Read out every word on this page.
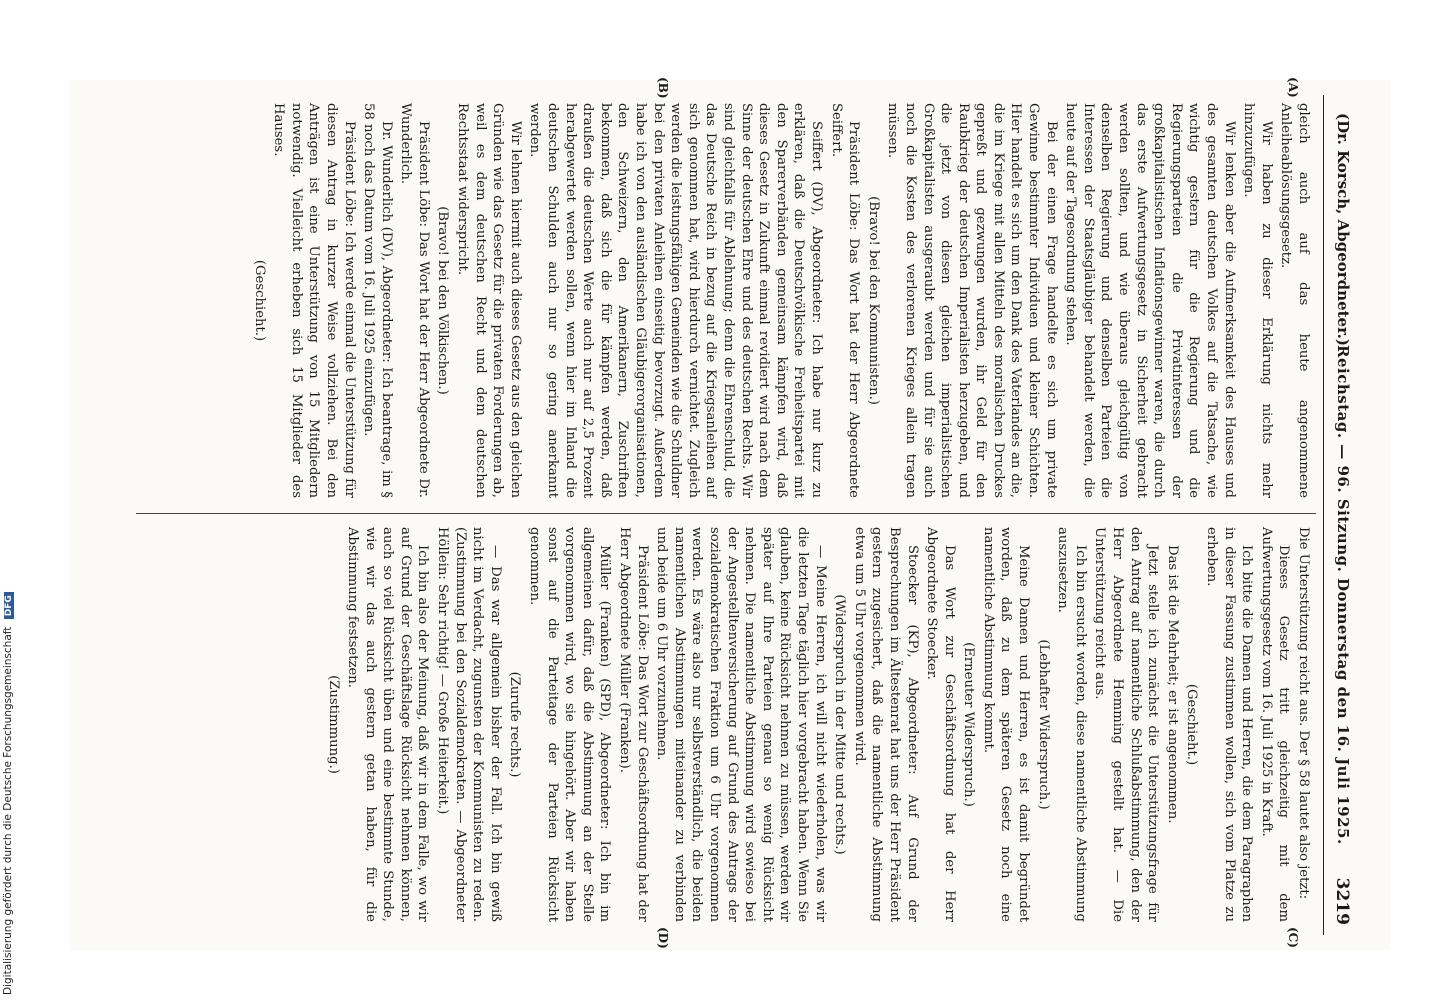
(Dr. Korsch, Abgeordneter.)
Reichstag. — 96. Sitzung. Donnerstag den 16. Juli 1925.
3219
(A)
(B)
(C)
(D)

gleich auch auf das heute angenommene Anleiheablösungsgesetz.

Wir haben zu dieser Erklärung nichts mehr hinzuzufügen.

Wir lenken aber die Aufmerksamkeit des Hauses und des gesamten deutschen Volkes auf die Tatsache, wie wichtig gestern für die Regierung und die Regierungsparteien die Privatinteressen der großkapitalistischen Inflationsgewinner waren, die durch das erste Aufwertungsgesetz in Sicherheit gebracht werden sollten, und wie überaus gleichgültig von denselben Regierung und denselben Parteien die Interessen der Staatsgläubiger behandelt werden, die heute auf der Tagesordnung stehen.

Bei der einen Frage handelte es sich um private Gewinne bestimmter Individuen und kleiner Schichten. Hier handelt es sich um den Dank des Vaterlandes an die, die im Kriege mit allen Mitteln des moralischen Druckes gepreßt und gezwungen wurden, ihr Geld für den Raubkrieg der deutschen Imperialisten herzugeben, und die jetzt von diesen gleichen imperialistischen Großkapitalisten ausgeraubt werden und für sie auch noch die Kosten des verlorenen Krieges allein tragen müssen.

(Bravo! bei den Kommunisten.)

Präsident Löbe: Das Wort hat der Herr Abgeordnete Seiffert.

Seiffert (DV), Abgeordneter: Ich habe nur kurz zu erklären, daß die Deutschvölkische Freiheitspartei mit den Sparerverbänden gemeinsam kämpfen wird, daß dieses Gesetz in Zukunft einmal revidiert wird nach dem Sinne der deutschen Ehre und des deutschen Rechts. Wir sind gleichfalls für Ablehnung; denn die Ehrenschuld, die das Deutsche Reich in bezug auf die Kriegsanleihen auf sich genommen hat, wird hierdurch vernichtet. Zugleich werden die leistungsfähigen Gemeinden wie die Schuldner bei den privaten Anleihen einseitig bevorzugt. Außerdem habe ich von den ausländischen Gläubigerorganisationen, den Schweizern, den Amerikanern, Zuschriften bekommen, daß sich die für kämpfen werden, daß draußen die deutschen Werte auch nur auf 2,5 Prozent herabgewertet werden sollen, wenn hier im Inland die deutschen Schulden auch nur so gering anerkannt werden.

Wir lehnen hiermit auch dieses Gesetz aus den gleichen Gründen wie das Gesetz für die privaten Forderungen ab, weil es dem deutschen Recht und dem deutschen Rechtsstaat widerspricht.

(Bravo! bei den Völkischen.)

Präsident Löbe: Das Wort hat der Herr Abgeordnete Dr. Wunderlich.

Dr. Wunderlich (DV), Abgeordneter: Ich beantrage, im § 58 noch das Datum vom 16. Juli 1925 einzufügen.

Präsident Löbe: Ich werde einmal die Unterstützung für diesen Antrag in kurzer Weise vollziehen. Bei den Anträgen ist eine Unterstützung von 15 Mitgliedern notwendig. Vielleicht erheben sich 15 Mitglieder des Hauses.

(Geschieht.)

Die Unterstützung reicht aus. Der § 58 lautet also jetzt:

Dieses Gesetz tritt gleichzeitig mit dem Aufwertungsgesetz vom 16. Juli 1925 in Kraft.

Ich bitte die Damen und Herren, die dem Paragraphen in dieser Fassung zustimmen wollen, sich vom Platze zu erheben.

(Geschieht.)

Das ist die Mehrheit; er ist angenommen.

Jetzt stelle ich zunächst die Unterstützungsfrage für den Antrag auf namentliche Schlußabstimmung, den der Herr Abgeordnete Hemming gestellt hat. — Die Unterstützung reicht aus.

Ich bin ersucht worden, diese namentliche Abstimmung auszusetzen.

(Lebhafter Widerspruch.)

Meine Damen und Herren, es ist damit begründet worden, daß zu dem späteren Gesetz noch eine namentliche Abstimmung kommt.

(Erneuter Widerspruch.)

Das Wort zur Geschäftsordnung hat der Herr Abgeordnete Stoecker.

Stoecker (KP), Abgeordneter: Auf Grund der Besprechungen im Ältestenrat hat uns der Herr Präsident gestern zugesichert, daß die namentliche Abstimmung etwa um 5 Uhr vorgenommen wird.

(Widerspruch in der Mitte und rechts.)

— Meine Herren, ich will nicht wiederholen, was wir die letzten Tage täglich hier vorgebracht haben. Wenn Sie glauben, keine Rücksicht nehmen zu müssen, werden wir später auf Ihre Parteien genau so wenig Rücksicht nehmen. Die namentliche Abstimmung wird sowieso bei der Angestelltenversicherung auf Grund des Antrags der sozialdemokratischen Fraktion um 6 Uhr vorgenommen werden. Es wäre also nur selbstverständlich, die beiden namentlichen Abstimmungen miteinander zu verbinden und beide um 6 Uhr vorzunehmen.

Präsident Löbe: Das Wort zur Geschäftsordnung hat der Herr Abgeordnete Müller (Franken).

Müller (Franken) (SPD), Abgeordneter: Ich bin im allgemeinen dafür, daß die Abstimmung an der Stelle vorgenommen wird, wo sie hingehört. Aber wir haben sonst auf die Parteitage der Parteien Rücksicht genommen.

(Zurufe rechts.)

— Das war allgemein bisher der Fall. Ich bin gewiß nicht im Verdacht, zugunsten der Kommunisten zu reden. (Zustimmung bei den Sozialdemokraten. — Abgeordneter Höllein: Sehr richtig! — Große Heiterkeit.)

Ich bin also der Meinung, daß wir in dem Falle, wo wir auf Grund der Geschäftslage Rücksicht nehmen können, auch so viel Rücksicht üben und eine bestimmte Stunde, wie wir das auch gestern getan haben, für die Abstimmung festsetzen.

(Zustimmung.)

Digitalisierung gefördert durch die Deutsche Forschungsgemeinschaft DFG
